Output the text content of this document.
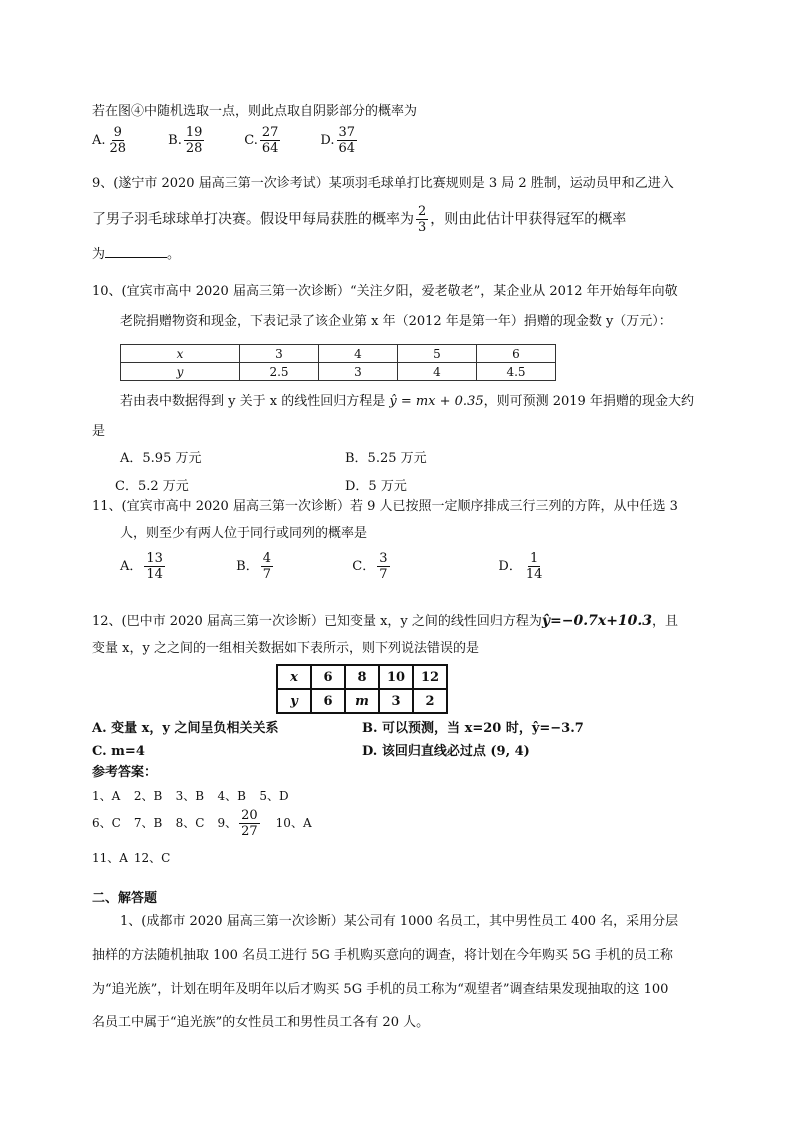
若在图④中随机选取一点，则此点取自阴影部分的概率为
A. $\frac{9}{28}$	B. $\frac{19}{28}$	C. $\frac{27}{64}$	D. $\frac{37}{64}$
9、(遂宁市 2020 届高三第一次诊考试）某项羽毛球单打比赛规则是 3 局 2 胜制，运动员甲和乙进入
了男子羽毛球球单打决赛。假设甲每局获胜的概率为 $\frac{2}{3}$ ，则由此估计甲获得冠军的概率
为	。
10、(宜宾市高中 2020 届高三第一次诊断）“关注夕阳，爱老敬老”，某企业从 2012 年开始每年向敬
老院捐赠物资和现金，下表记录了该企业第 x 年（2012 年是第一年）捐赠的现金数 y（万元）：
x	3	4	5	6
y	2.5	3	4	4.5
若由表中数据得到 y 关于 x 的线性回归方程是 ŷ = mx + 0.35，则可预测 2019 年捐赠的现金大约
是
A．5.95 万元	B．5.25 万元
C．5.2 万元	D．5 万元
11、(宜宾市高中 2020 届高三第一次诊断）若 9 人已按照一定顺序排成三行三列的方阵，从中任选 3
人，则至少有两人位于同行或同列的概率是
A． $\frac{13}{14}$	B． $\frac{4}{7}$	C． $\frac{3}{7}$	D． $\frac{1}{14}$
12、(巴中市 2020 届高三第一次诊断）已知变量 x，y 之间的线性回归方程为ŷ=−0.7x+10.3，且
变量 x，y 之之间的一组相关数据如下表所示，则下列说法错误的是
x	6	8	10	12
y	6	m	3	2
A. 变量 x，y 之间呈负相关关系	B. 可以预测，当 x=20 时，ŷ=−3.7
C. m=4	D. 该回归直线必过点 (9, 4)
参考答案：
1、A 2、B 3、B 4、B 5、D
6、C 7、B 8、C 9、 $\frac{20}{27} 10$、A
11、A 12、C
二、解答题
1、(成都市 2020 届高三第一次诊断）某公司有 1000 名员工，其中男性员工 400 名，采用分层
抽样的方法随机抽取 100 名员工进行 5G 手机购买意向的调查，将计划在今年购买 5G 手机的员工称
为“追光族”，计划在明年及明年以后才购买 5G 手机的员工称为“观望者”调查结果发现抽取的这 100
名员工中属于“追光族”的女性员工和男性员工各有 20 人。
